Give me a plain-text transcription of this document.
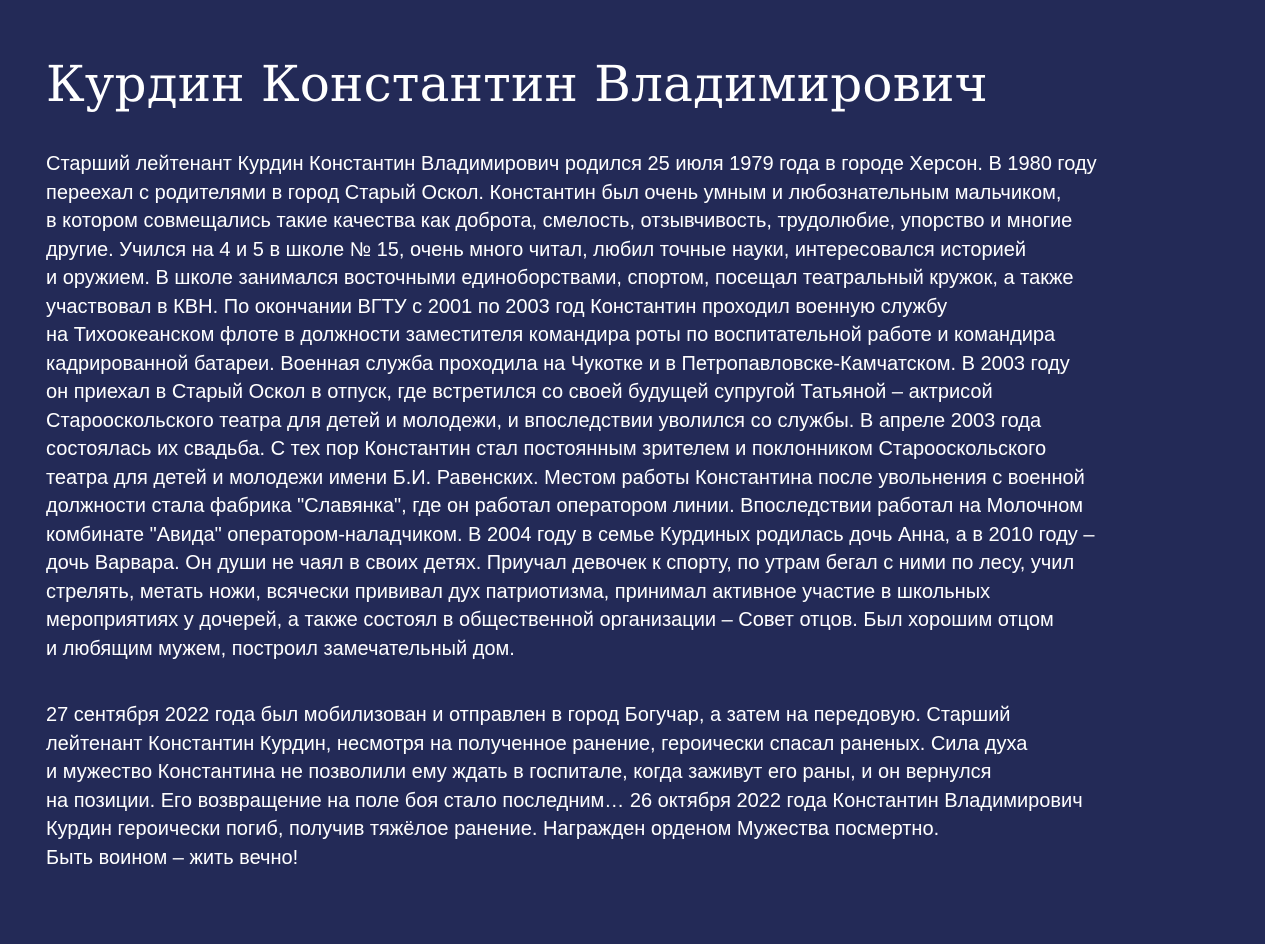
Курдин Константин Владимирович
Старший лейтенант Курдин Константин Владимирович родился 25 июля 1979 года в городе Херсон. В 1980 году
переехал с родителями в город Старый Оскол. Константин был очень умным и любознательным мальчиком,
в котором совмещались такие качества как доброта, смелость, отзывчивость, трудолюбие, упорство и многие
другие. Учился на 4 и 5 в школе № 15, очень много читал, любил точные науки, интересовался историей
и оружием. В школе занимался восточными единоборствами, спортом, посещал театральный кружок, а также
участвовал в КВН. По окончании ВГТУ с 2001 по 2003 год Константин проходил военную службу
на Тихоокеанском флоте в должности заместителя командира роты по воспитательной работе и командира
кадрированной батареи. Военная служба проходила на Чукотке и в Петропавловске-Камчатском. В 2003 году
он приехал в Старый Оскол в отпуск, где встретился со своей будущей супругой Татьяной – актрисой
Старооскольского театра для детей и молодежи, и впоследствии уволился со службы. В апреле 2003 года
состоялась их свадьба. С тех пор Константин стал постоянным зрителем и поклонником Старооскольского
театра для детей и молодежи имени Б.И. Равенских. Местом работы Константина после увольнения с военной
должности стала фабрика "Славянка", где он работал оператором линии. Впоследствии работал на Молочном
комбинате "Авида" оператором-наладчиком. В 2004 году в семье Курдиных родилась дочь Анна, а в 2010 году –
дочь Варвара. Он души не чаял в своих детях. Приучал девочек к спорту, по утрам бегал с ними по лесу, учил
стрелять, метать ножи, всячески прививал дух патриотизма, принимал активное участие в школьных
мероприятиях у дочерей, а также состоял в общественной организации – Совет отцов. Был хорошим отцом
и любящим мужем, построил замечательный дом.
27 сентября 2022 года был мобилизован и отправлен в город Богучар, а затем на передовую. Старший
лейтенант Константин Курдин, несмотря на полученное ранение, героически спасал раненых. Сила духа
и мужество Константина не позволили ему ждать в госпитале, когда заживут его раны, и он вернулся
на позиции. Его возвращение на поле боя стало последним… 26 октября 2022 года Константин Владимирович
Курдин героически погиб, получив тяжёлое ранение. Награжден орденом Мужества посмертно.
Быть воином – жить вечно!
